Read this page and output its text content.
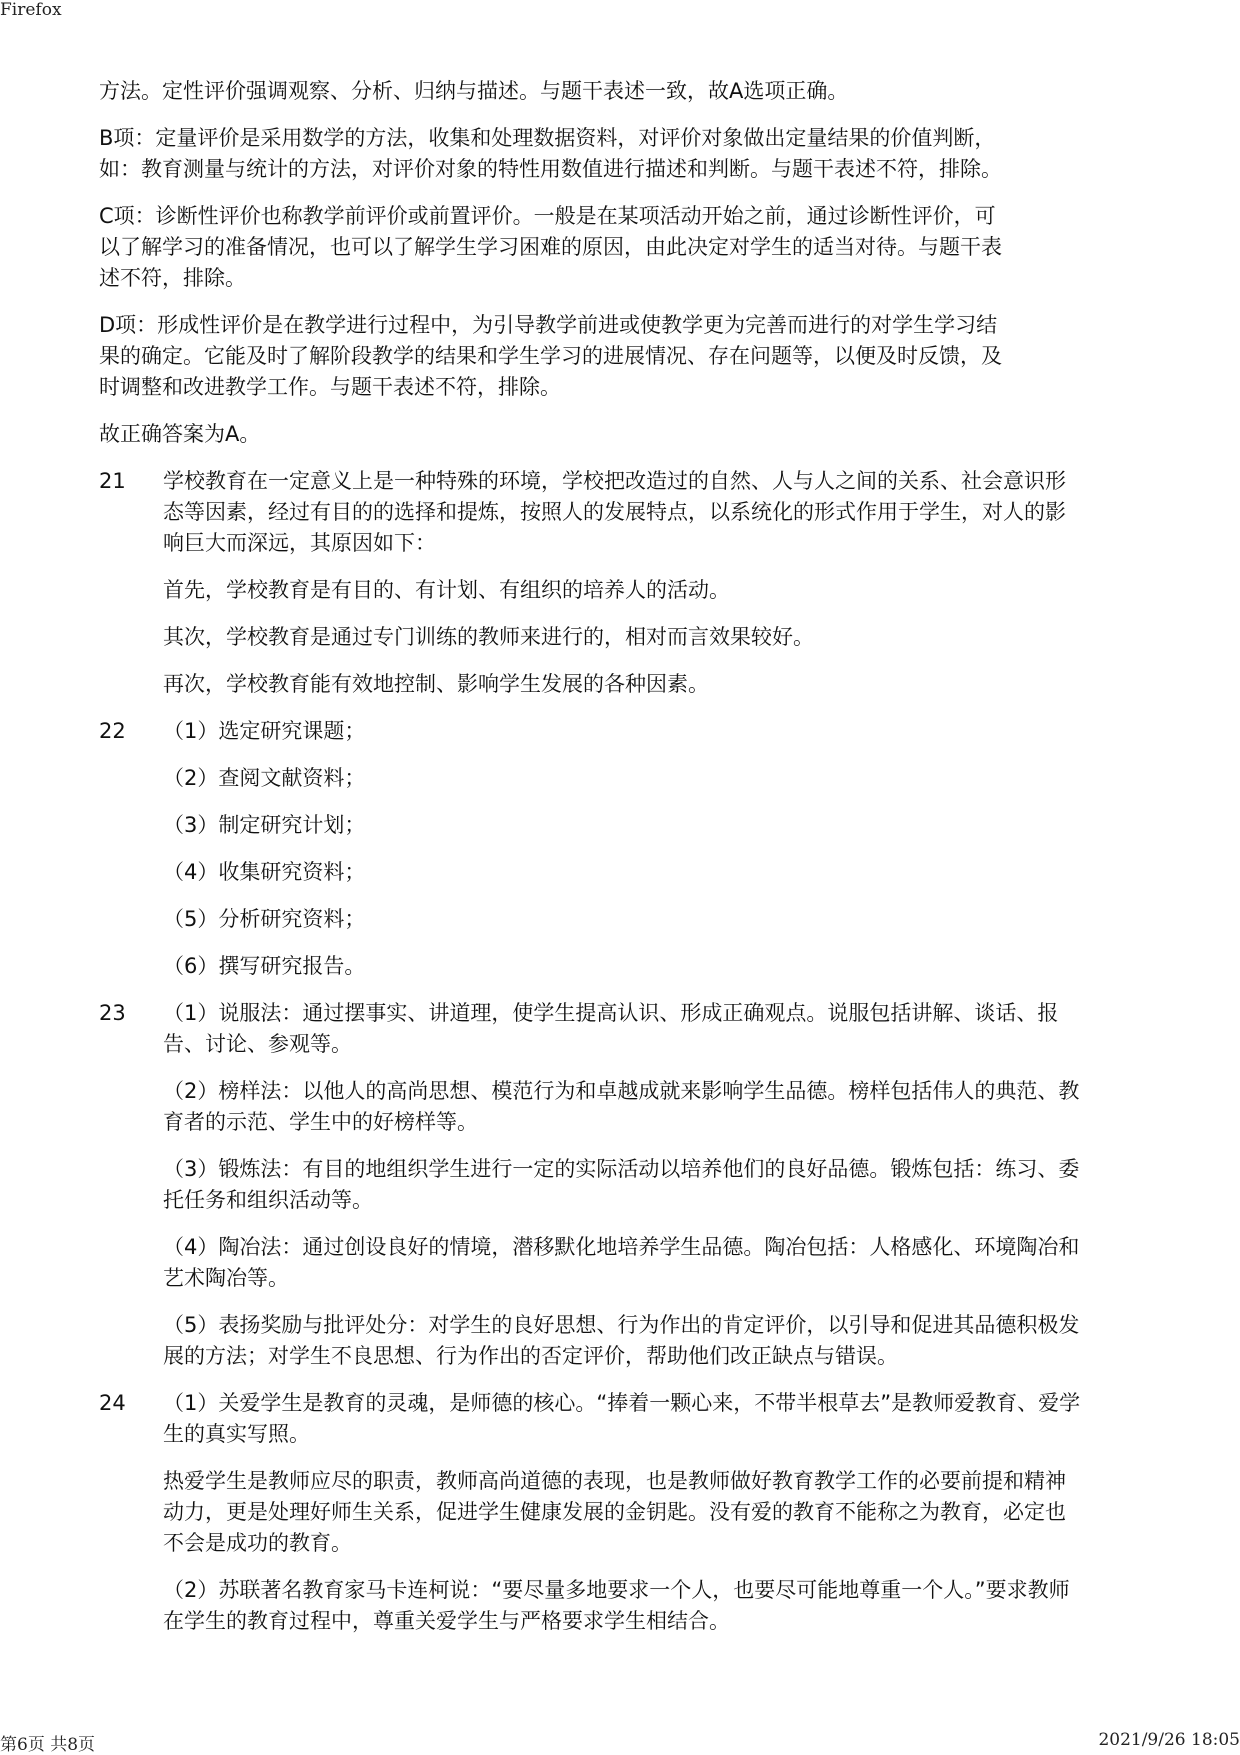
Firefox
方法。定性评价强调观察、分析、归纳与描述。与题干表述一致，故A选项正确。
B项：定量评价是采用数学的方法，收集和处理数据资料，对评价对象做出定量结果的价值判断，
如：教育测量与统计的方法，对评价对象的特性用数值进行描述和判断。与题干表述不符，排除。
C项：诊断性评价也称教学前评价或前置评价。一般是在某项活动开始之前，通过诊断性评价，可
以了解学习的准备情况，也可以了解学生学习困难的原因，由此决定对学生的适当对待。与题干表
述不符，排除。
D项：形成性评价是在教学进行过程中，为引导教学前进或使教学更为完善而进行的对学生学习结
果的确定。它能及时了解阶段教学的结果和学生学习的进展情况、存在问题等，以便及时反馈，及
时调整和改进教学工作。与题干表述不符，排除。
故正确答案为A。
21 学校教育在一定意义上是一种特殊的环境，学校把改造过的自然、人与人之间的关系、社会意识形
态等因素，经过有目的的选择和提炼，按照人的发展特点，以系统化的形式作用于学生，对人的影
响巨大而深远，其原因如下：
首先，学校教育是有目的、有计划、有组织的培养人的活动。
其次，学校教育是通过专门训练的教师来进行的，相对而言效果较好。
再次，学校教育能有效地控制、影响学生发展的各种因素。
22 （1）选定研究课题；
（2）查阅文献资料；
（3）制定研究计划；
（4）收集研究资料；
（5）分析研究资料；
（6）撰写研究报告。
23 （1）说服法：通过摆事实、讲道理，使学生提高认识、形成正确观点。说服包括讲解、谈话、报
告、讨论、参观等。
（2）榜样法：以他人的高尚思想、模范行为和卓越成就来影响学生品德。榜样包括伟人的典范、教
育者的示范、学生中的好榜样等。
（3）锻炼法：有目的地组织学生进行一定的实际活动以培养他们的良好品德。锻炼包括：练习、委
托任务和组织活动等。
（4）陶冶法：通过创设良好的情境，潜移默化地培养学生品德。陶冶包括：人格感化、环境陶冶和
艺术陶冶等。
（5）表扬奖励与批评处分：对学生的良好思想、行为作出的肯定评价，以引导和促进其品德积极发
展的方法；对学生不良思想、行为作出的否定评价，帮助他们改正缺点与错误。
24 （1）关爱学生是教育的灵魂，是师德的核心。“捧着一颗心来，不带半根草去”是教师爱教育、爱学
生的真实写照。
热爱学生是教师应尽的职责，教师高尚道德的表现，也是教师做好教育教学工作的必要前提和精神
动力，更是处理好师生关系，促进学生健康发展的金钥匙。没有爱的教育不能称之为教育，必定也
不会是成功的教育。
（2）苏联著名教育家马卡连柯说：“要尽量多地要求一个人，也要尽可能地尊重一个人。”要求教师
在学生的教育过程中，尊重关爱学生与严格要求学生相结合。
第6页 共8页	2021/9/26 18:05
